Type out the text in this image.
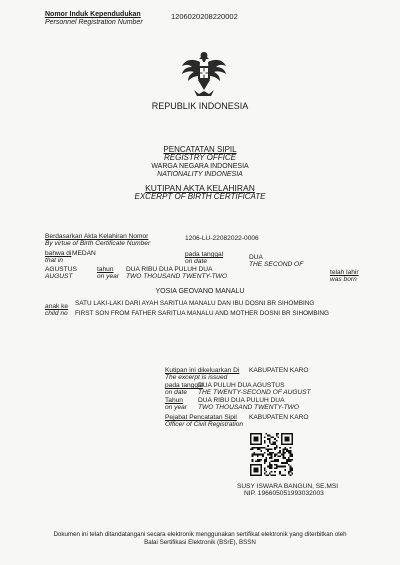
Nomor Induk Kependudukan
Personnel Registration Number
1206020208220002
REPUBLIK INDONESIA
PENCATATAN SIPIL
REGISTRY OFFICE
WARGA NEGARA INDONESIA
NATIONALITY INDONESIA
KUTIPAN AKTA KELAHIRAN
EXCERPT OF BIRTH CERTIFICATE
Berdasarkan Akta Kelahiran Nomor
By virtue of Birth Certificate Number
1206-LU-22082022-0006
bahwa di
that in
MEDAN	pada tanggal
on date
DUA
THE SECOND OF
AGUSTUS
AUGUST
tahun
on year
DUA RIBU DUA PULUH DUA
TWO THOUSAND TWENTY-TWO
telah lahir
was born
YOSIA GEOVANO MANALU
anak ke
child no
SATU LAKI-LAKI DARI AYAH SARITUA MANALU DAN IBU DOSNI BR SIHOMBING
FIRST SON FROM FATHER SARITUA MANALU AND MOTHER DOSNI BR SIHOMBING
Kutipan ini dikeluarkan Di
The excerpt is issued
KABUPATEN KARO
pada tanggal
on date
DUA PULUH DUA AGUSTUS
THE TWENTY-SECOND OF AUGUST
Tahun
on year
DUA RIBU DUA PULUH DUA
TWO THOUSAND TWENTY-TWO
Pejabat Pencatatan Sipil
Officer of Civil Registration
KABUPATEN KARO
SUSY ISWARA BANGUN, SE.MSI
NIP. 196605051993032003
Dokumen ini telah ditandatangani secara elektronik menggunakan sertifikat elektronik yang diterbitkan oleh
Balai Sertifikasi Elektronik (BSrE), BSSN
